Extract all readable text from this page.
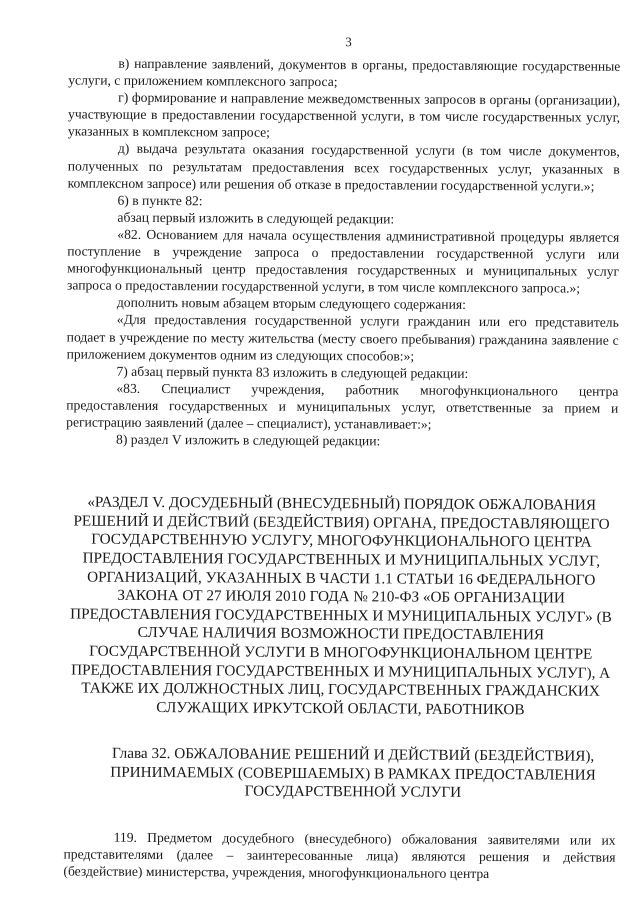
3

в) направление заявлений, документов в органы, предоставляющие государственные услуги, с приложением комплексного запроса;

г) формирование и направление межведомственных запросов в органы (организации), участвующие в предоставлении государственной услуги, в том числе государственных услуг, указанных в комплексном запросе;

д) выдача результата оказания государственной услуги (в том числе документов, полученных по результатам предоставления всех государственных услуг, указанных в комплексном запросе) или решения об отказе в предоставлении государственной услуги.»;

6) в пункте 82:

абзац первый изложить в следующей редакции:

«82. Основанием для начала осуществления административной процедуры является поступление в учреждение запроса о предоставлении государственной услуги или многофункциональный центр предоставления государственных и муниципальных услуг запроса о предоставлении государственной услуги, в том числе комплексного запроса.»;

дополнить новым абзацем вторым следующего содержания:

«Для предоставления государственной услуги гражданин или его представитель подает в учреждение по месту жительства (месту своего пребывания) гражданина заявление с приложением документов одним из следующих способов:»;

7) абзац первый пункта 83 изложить в следующей редакции:

«83. Специалист учреждения, работник многофункционального центра предоставления государственных и муниципальных услуг, ответственные за прием и регистрацию заявлений (далее – специалист), устанавливает:»;

8) раздел V изложить в следующей редакции:

«РАЗДЕЛ V. ДОСУДЕБНЫЙ (ВНЕСУДЕБНЫЙ) ПОРЯДОК ОБЖАЛОВАНИЯ РЕШЕНИЙ И ДЕЙСТВИЙ (БЕЗДЕЙСТВИЯ) ОРГАНА, ПРЕДОСТАВЛЯЮЩЕГО ГОСУДАРСТВЕННУЮ УСЛУГУ, МНОГОФУНКЦИОНАЛЬНОГО ЦЕНТРА ПРЕДОСТАВЛЕНИЯ ГОСУДАРСТВЕННЫХ И МУНИЦИПАЛЬНЫХ УСЛУГ, ОРГАНИЗАЦИЙ, УКАЗАННЫХ В ЧАСТИ 1.1 СТАТЬИ 16 ФЕДЕРАЛЬНОГО ЗАКОНА ОТ 27 ИЮЛЯ 2010 ГОДА № 210-ФЗ «ОБ ОРГАНИЗАЦИИ ПРЕДОСТАВЛЕНИЯ ГОСУДАРСТВЕННЫХ И МУНИЦИПАЛЬНЫХ УСЛУГ» (В СЛУЧАЕ НАЛИЧИЯ ВОЗМОЖНОСТИ ПРЕДОСТАВЛЕНИЯ ГОСУДАРСТВЕННОЙ УСЛУГИ В МНОГОФУНКЦИОНАЛЬНОМ ЦЕНТРЕ ПРЕДОСТАВЛЕНИЯ ГОСУДАРСТВЕННЫХ И МУНИЦИПАЛЬНЫХ УСЛУГ), А ТАКЖЕ ИХ ДОЛЖНОСТНЫХ ЛИЦ, ГОСУДАРСТВЕННЫХ ГРАЖДАНСКИХ СЛУЖАЩИХ ИРКУТСКОЙ ОБЛАСТИ, РАБОТНИКОВ
Глава 32. ОБЖАЛОВАНИЕ РЕШЕНИЙ И ДЕЙСТВИЙ (БЕЗДЕЙСТВИЯ), ПРИНИМАЕМЫХ (СОВЕРШАЕМЫХ) В РАМКАХ ПРЕДОСТАВЛЕНИЯ ГОСУДАРСТВЕННОЙ УСЛУГИ

119. Предметом досудебного (внесудебного) обжалования заявителями или их представителями (далее – заинтересованные лица) являются решения и действия (бездействие) министерства, учреждения, многофункционального центра
